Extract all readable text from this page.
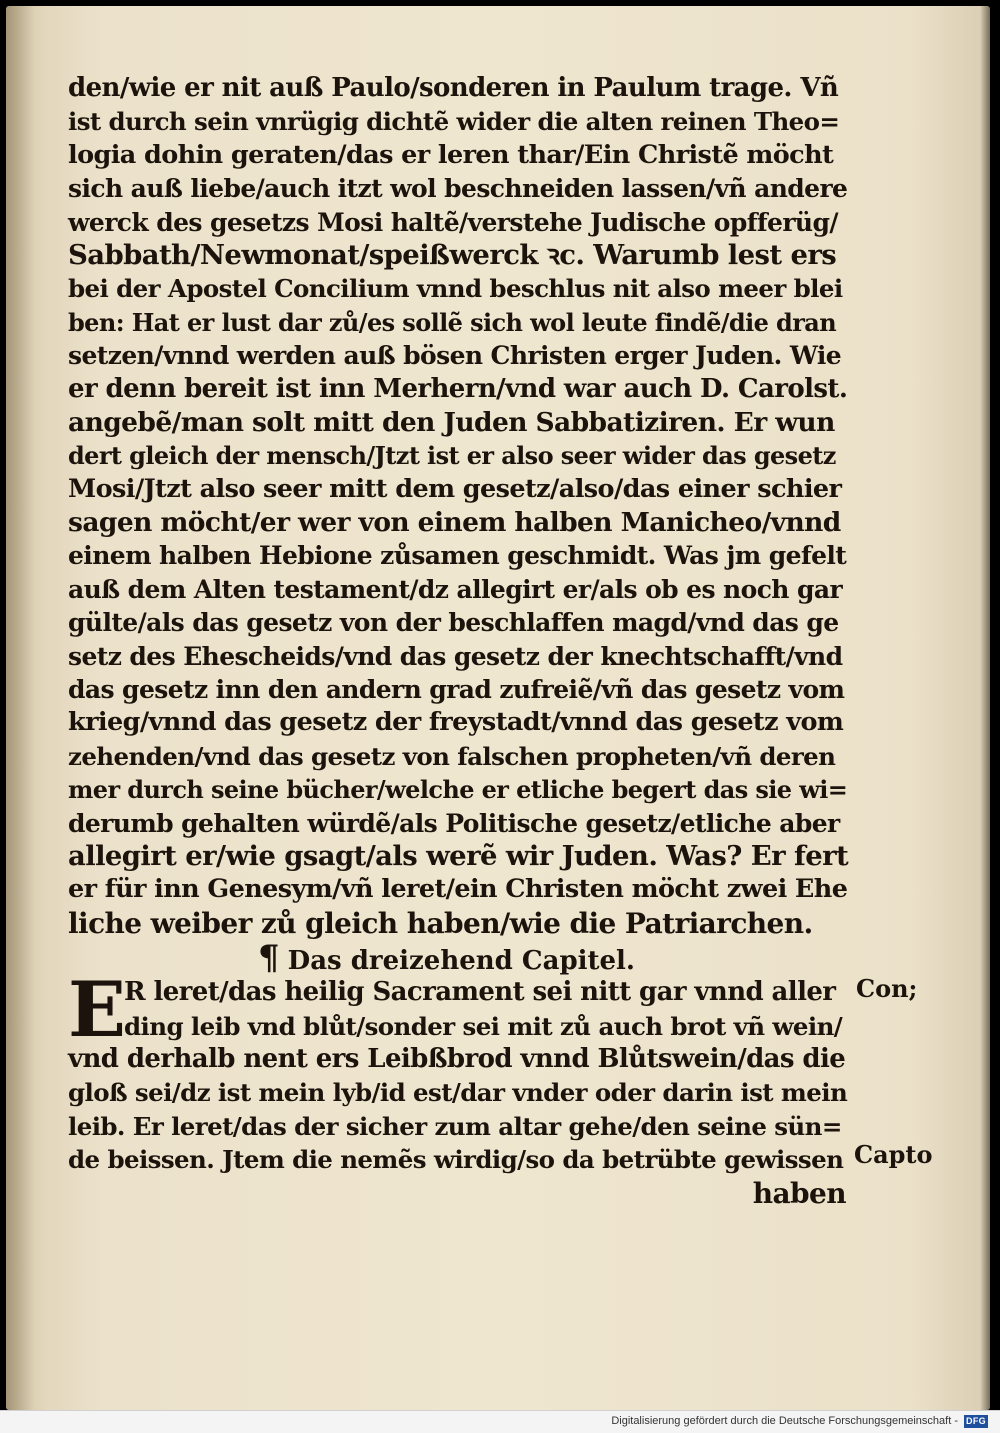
den/wie er nit auß Paulo/sonderen in Paulum trage. Vñ
ist durch sein vnrügig dichtẽ wider die alten reinen Theo=
logia dohin geraten/das er leren thar/Ein Christẽ möcht
sich auß liebe/auch itzt wol beschneiden lassen/vñ andere
werck des gesetzs Mosi haltẽ/verstehe Judische opfferüg/
Sabbath/Newmonat/speißwerck ꝛc. Warumb lest ers
bei der Apostel Concilium vnnd beschlus nit also meer blei
ben: Hat er lust dar zů/es sollẽ sich wol leute findẽ/die dran
setzen/vnnd werden auß bösen Christen erger Juden. Wie
er denn bereit ist inn Merhern/vnd war auch D. Carolst.
angebẽ/man solt mitt den Juden Sabbatiziren. Er wun
dert gleich der mensch/Jtzt ist er also seer wider das gesetz
Mosi/Jtzt also seer mitt dem gesetz/also/das einer schier
sagen möcht/er wer von einem halben Manicheo/vnnd
einem halben Hebione zůsamen geschmidt. Was jm gefelt
auß dem Alten testament/dz allegirt er/als ob es noch gar
gülte/als das gesetz von der beschlaffen magd/vnd das ge
setz des Ehescheids/vnd das gesetz der knechtschafft/vnd
das gesetz inn den andern grad zufreiẽ/vñ das gesetz vom
krieg/vnnd das gesetz der freystadt/vnnd das gesetz vom
zehenden/vnd das gesetz von falschen propheten/vñ deren
mer durch seine bücher/welche er etliche begert das sie wi=
derumb gehalten würdẽ/als Politische gesetz/etliche aber
allegirt er/wie gsagt/als werẽ wir Juden. Was? Er fert
er für inn Genesym/vñ leret/ein Christen möcht zwei Ehe
liche weiber zů gleich haben/wie die Patriarchen.
¶ Das dreizehend Capitel.
E
R leret/das heilig Sacrament sei nitt gar vnnd aller
ding leib vnd blůt/sonder sei mit zů auch brot vñ wein/
vnd derhalb nent ers Leibßbrod vnnd Blůtswein/das die
gloß sei/dz ist mein lyb/id est/dar vnder oder darin ist mein
leib. Er leret/das der sicher zum altar gehe/den seine sün=
de beissen. Jtem die nemẽs wirdig/so da betrübte gewissen
haben
Con;
Capto
Digitalisierung gefördert durch die Deutsche Forschungsgemeinschaft - DFG
